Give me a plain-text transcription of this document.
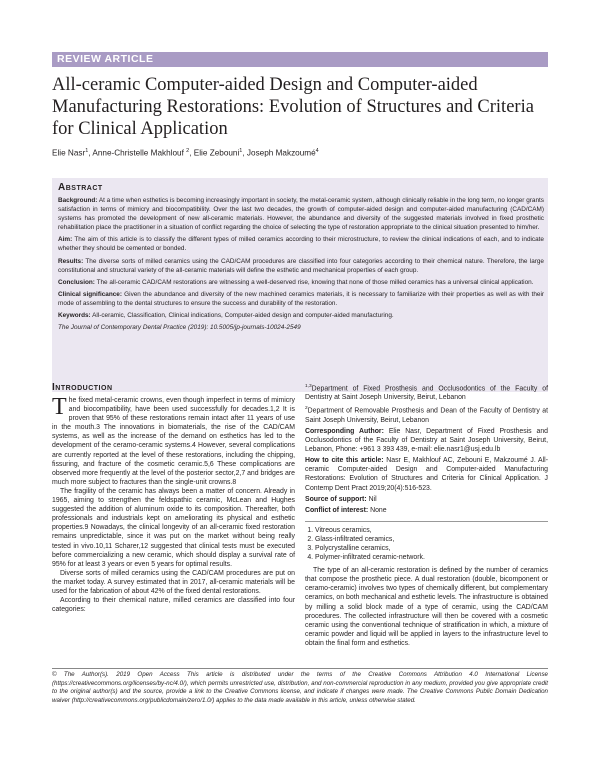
REVIEW ARTICLE
All-ceramic Computer-aided Design and Computer-aided Manufacturing Restorations: Evolution of Structures and Criteria for Clinical Application
Elie Nasr$^1$, Anne-Christelle Makhlouf $^2$, Elie Zebouni$^1$, Joseph Makzoumé$^4$
Abstract

Background: At a time when esthetics is becoming increasingly important in society, the metal-ceramic system, although clinically reliable in the long term, no longer grants satisfaction in terms of mimicry and biocompatibility. Over the last two decades, the growth of computer-aided design and computer-aided manufacturing (CAD/CAM) systems has promoted the development of new all-ceramic materials. However, the abundance and diversity of the suggested materials involved in fixed prosthetic rehabilitation place the practitioner in a situation of conflict regarding the choice of selecting the type of restoration appropriate to the clinical situation presented to him/her.

Aim: The aim of this article is to classify the different types of milled ceramics according to their microstructure, to review the clinical indications of each, and to indicate whether they should be cemented or bonded.

Results: The diverse sorts of milled ceramics using the CAD/CAM procedures are classified into four categories according to their chemical nature. Therefore, the large constitutional and structural variety of the all-ceramic materials will define the esthetic and mechanical properties of each group.

Conclusion: The all-ceramic CAD/CAM restorations are witnessing a well-deserved rise, knowing that none of those milled ceramics has a universal clinical application.

Clinical significance: Given the abundance and diversity of the new machined ceramics materials, it is necessary to familiarize with their properties as well as with their mode of assembling to the dental structures to ensure the success and durability of the restoration.

Keywords: All-ceramic, Classification, Clinical indications, Computer-aided design and computer-aided manufacturing.

The Journal of Contemporary Dental Practice (2019): 10.5005/jp-journals-10024-2549

Introduction

The fixed metal-ceramic crowns, even though imperfect in terms of mimicry and biocompatibility, have been used successfully for decades.1,2 It is proven that 95% of these restorations remain intact after 11 years of use in the mouth.3 The innovations in biomaterials, the rise of the CAD/CAM systems, as well as the increase of the demand on esthetics has led to the development of the ceramo-ceramic systems.4 However, several complications are currently reported at the level of these restorations, including the chipping, fissuring, and fracture of the cosmetic ceramic.5,6 These complications are observed more frequently at the level of the posterior sector,2,7 and bridges are much more subject to fractures than the single-unit crowns.8

The fragility of the ceramic has always been a matter of concern. Already in 1965, aiming to strengthen the feldspathic ceramic, McLean and Hughes suggested the addition of aluminum oxide to its composition. Thereafter, both professionals and industrials kept on ameliorating its physical and esthetic properties.9 Nowadays, the clinical longevity of an all-ceramic fixed restoration remains unpredictable, since it was put on the market without being really tested in vivo.10,11 Scharer,12 suggested that clinical tests must be executed before commercializing a new ceramic, which should display a survival rate of 95% for at least 3 years or even 5 years for optimal results.

Diverse sorts of milled ceramics using the CAD/CAM procedures are put on the market today. A survey estimated that in 2017, all-ceramic materials will be used for the fabrication of about 42% of the fixed dental restorations.

According to their chemical nature, milled ceramics are classified into four categories:

$^{1,3}$Department of Fixed Prosthesis and Occlusodontics of the Faculty of Dentistry at Saint Joseph University, Beirut, Lebanon

$^2$Department of Removable Prosthesis and Dean of the Faculty of Dentistry at Saint Joseph University, Beirut, Lebanon

Corresponding Author: Elie Nasr, Department of Fixed Prosthesis and Occlusodontics of the Faculty of Dentistry at Saint Joseph University, Beirut, Lebanon, Phone: +961 3 393 439, e-mail: elie.nasr1@usj.edu.lb

How to cite this article: Nasr E, Makhlouf AC, Zebouni E, Makzoumé J. All-ceramic Computer-aided Design and Computer-aided Manufacturing Restorations: Evolution of Structures and Criteria for Clinical Application. J Contemp Dent Pract 2019;20(4):516-523.

Source of support: Nil

Conflict of interest: None

1. Vitreous ceramics,
2. Glass-infiltrated ceramics,
3. Polycrystalline ceramics,
4. Polymer-infiltrated ceramic-network.

The type of an all-ceramic restoration is defined by the number of ceramics that compose the prosthetic piece. A dual restoration (double, bicomponent or ceramo-ceramic) involves two types of chemically different, but complementary ceramics, on both mechanical and esthetic levels. The infrastructure is obtained by milling a solid block made of a type of ceramic, using the CAD/CAM procedures. The collected infrastructure will then be covered with a cosmetic ceramic using the conventional technique of stratification in which, a mixture of ceramic powder and liquid will be applied in layers to the infrastructure level to obtain the final form and esthetics.

© The Author(s). 2019 Open Access This article is distributed under the terms of the Creative Commons Attribution 4.0 International License (https://creativecommons.org/licenses/by-nc/4.0/), which permits unrestricted use, distribution, and non-commercial reproduction in any medium, provided you give appropriate credit to the original author(s) and the source, provide a link to the Creative Commons license, and indicate if changes were made. The Creative Commons Public Domain Dedication waiver (http://creativecommons.org/publicdomain/zero/1.0/) applies to the data made available in this article, unless otherwise stated.
